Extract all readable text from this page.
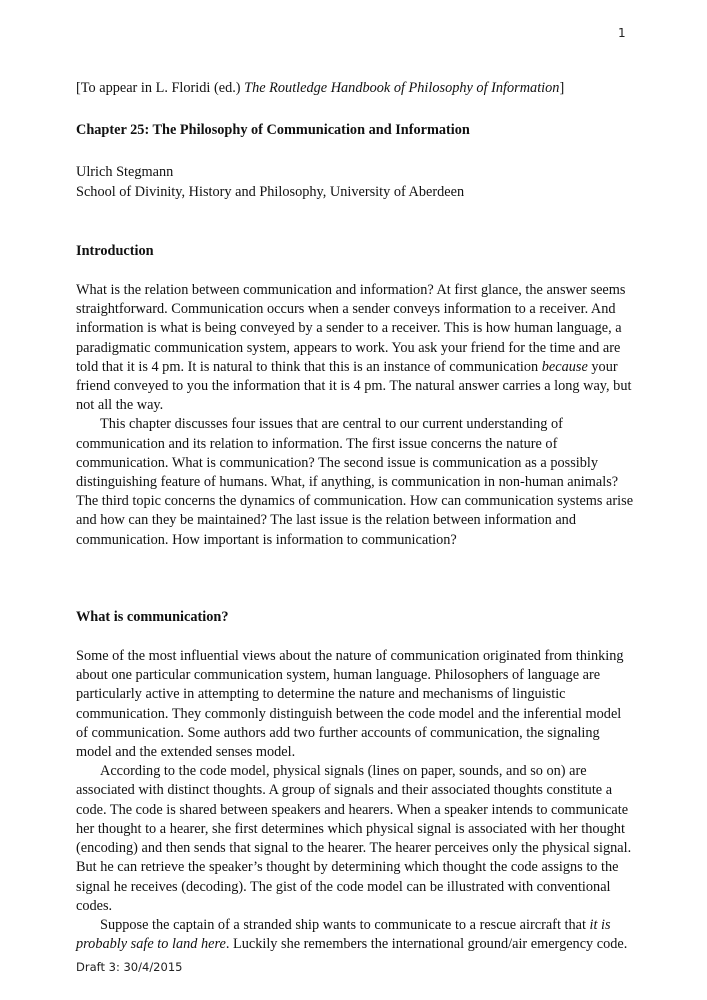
1

[To appear in L. Floridi (ed.) The Routledge Handbook of Philosophy of Information]

Chapter 25: The Philosophy of Communication and Information

Ulrich Stegmann

School of Divinity, History and Philosophy, University of Aberdeen

Introduction

What is the relation between communication and information? At first glance, the answer seems
straightforward. Communication occurs when a sender conveys information to a receiver. And
information is what is being conveyed by a sender to a receiver. This is how human language, a
paradigmatic communication system, appears to work. You ask your friend for the time and are
told that it is 4 pm. It is natural to think that this is an instance of communication because your
friend conveyed to you the information that it is 4 pm. The natural answer carries a long way, but
not all the way.

This chapter discusses four issues that are central to our current understanding of
communication and its relation to information. The first issue concerns the nature of
communication. What is communication? The second issue is communication as a possibly
distinguishing feature of humans. What, if anything, is communication in non-human animals?
The third topic concerns the dynamics of communication. How can communication systems arise
and how can they be maintained? The last issue is the relation between information and
communication. How important is information to communication?

What is communication?

Some of the most influential views about the nature of communication originated from thinking
about one particular communication system, human language. Philosophers of language are
particularly active in attempting to determine the nature and mechanisms of linguistic
communication. They commonly distinguish between the code model and the inferential model
of communication. Some authors add two further accounts of communication, the signaling
model and the extended senses model.

According to the code model, physical signals (lines on paper, sounds, and so on) are
associated with distinct thoughts. A group of signals and their associated thoughts constitute a
code. The code is shared between speakers and hearers. When a speaker intends to communicate
her thought to a hearer, she first determines which physical signal is associated with her thought
(encoding) and then sends that signal to the hearer. The hearer perceives only the physical signal.
But he can retrieve the speaker’s thought by determining which thought the code assigns to the
signal he receives (decoding). The gist of the code model can be illustrated with conventional
codes.

Suppose the captain of a stranded ship wants to communicate to a rescue aircraft that it is
probably safe to land here. Luckily she remembers the international ground/air emergency code.

Draft 3: 30/4/2015
